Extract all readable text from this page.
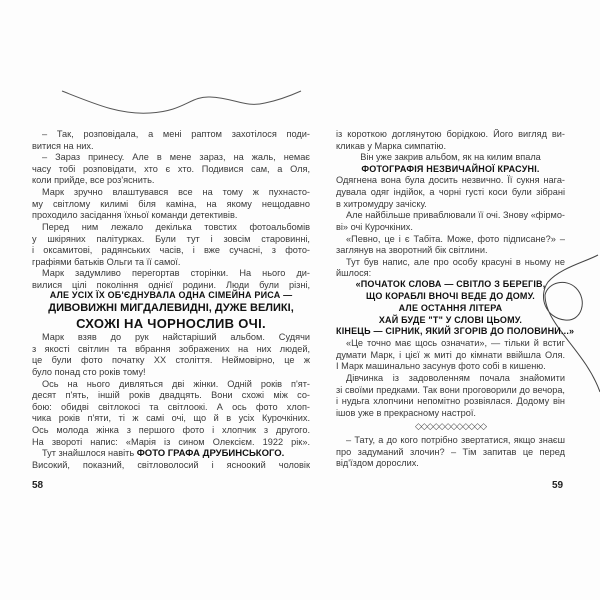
– Так, розповідала, а мені раптом захотілося поди-
витися на них.
– Зараз принесу. Але в мене зараз, на жаль, немає
часу тобі розповідати, хто є хто. Подивися сам, а Оля,
коли прийде, все роз'яснить.
Марк зручно влаштувався все на тому ж пухнасто-
му світлому килимі біля каміна, на якому нещодавно
проходило засідання їхньої команди детективів.
Перед ним лежало декілька товстих фотоальбомів
у шкіряних палітурках. Були тут і зовсім старовинні,
і оксамитові, радянських часів, і вже сучасні, з фото-
графіями батьків Ольги та її самої.
Марк задумливо перегортав сторінки. На нього ди-
вилися цілі покоління однієї родини. Люди були різні,
АЛЕ УСІХ ЇХ ОБ'ЄДНУВАЛА ОДНА СІМЕЙНА РИСА —
ДИВОВИЖНІ МИГДАЛЕВИДНІ, ДУЖЕ ВЕЛИКІ,
СХОЖІ НА ЧОРНОСЛИВ ОЧІ.
Марк взяв до рук найстаріший альбом. Судячи
з якості світлин та вбрання зображених на них людей,
це були фото початку ХХ століття. Неймовірно, це ж
було понад сто років тому!
Ось на нього дивляться дві жінки. Одній років п'ят-
десят п'ять, іншій років двадцять. Вони схожі між со-
бою: обидві світлокосі та світлоокі. А ось фото хлоп-
чика років п'яти, ті ж самі очі, що й в усіх Курочкіних.
Ось молода жінка з першого фото і хлопчик з другого.
На звороті напис: «Марія із сином Олексієм. 1922 рік».
Тут знайшлося навіть ФОТО ГРАФА ДРУБИНСЬКОГО.
Високий, показний, світловолосий і ясноокий чоловік
із короткою доглянутою борідкою. Його вигляд ви-
кликав у Марка симпатію.
Він уже закрив альбом, як на килим впала
ФОТОГРАФІЯ НЕЗВИЧАЙНОЇ КРАСУНІ.
Одягнена вона була досить незвично. Її сукня нага-
дувала одяг індійок, а чорні густі коси були зібрані
в хитромудру зачіску.
Але найбільше приваблювали її очі. Знову «фірмо-
ві» очі Курочкіних.
«Певно, це і є Табіта. Може, фото підписане?» –
заглянув на зворотний бік світлини.
Тут був напис, але про особу красуні в ньому не
йшлося:
«ПОЧАТОК СЛОВА — СВІТЛО З БЕРЕГІВ,
ЩО КОРАБЛІ ВНОЧІ ВЕДЕ ДО ДОМУ.
АЛЕ ОСТАННЯ ЛІТЕРА
ХАЙ БУДЕ "Т" У СЛОВІ ЦЬОМУ.
КІНЕЦЬ — СІРНИК, ЯКИЙ ЗГОРІВ ДО ПОЛОВИНИ...»
«Це точно має щось означати», — тільки й встиг
думати Марк, і цієї ж миті до кімнати ввійшла Оля.
І Марк машинально засунув фото собі в кишеню.
Дівчинка із задоволенням почала знайомити
зі своїми предками. Так вони проговорили до вечора,
і нудьга хлопчини непомітно розвіялася. Додому він
ішов уже в прекрасному настрої.
◇◇◇◇◇◇◇◇◇◇◇◇
– Тату, а до кого потрібно звертатися, якщо знаєш
про задуманий злочин? – Тім запитав це перед
від'їздом дорослих.
58	59
